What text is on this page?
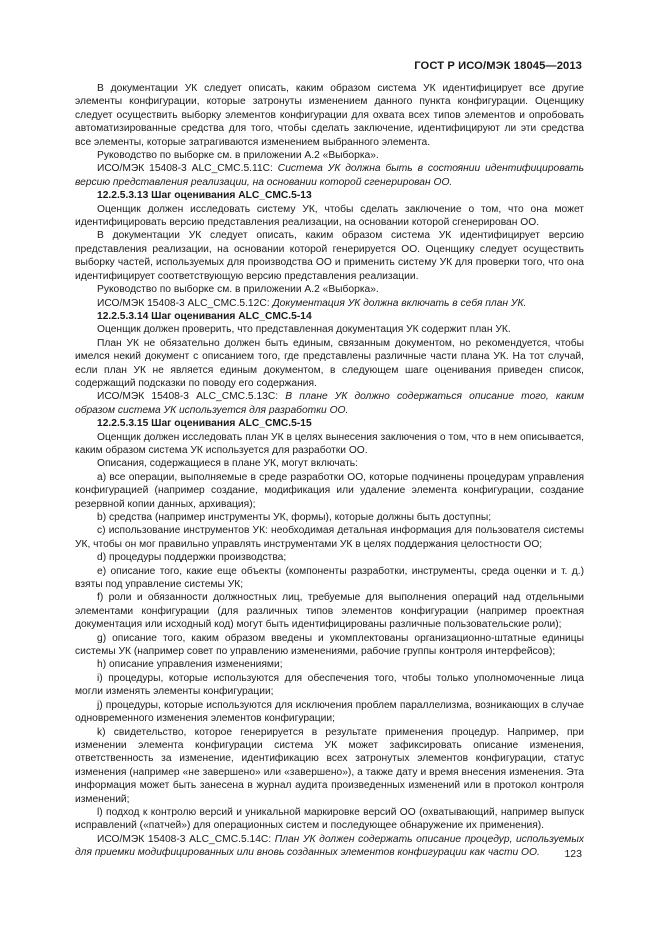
ГОСТ Р ИСО/МЭК 18045—2013

В документации УК следует описать, каким образом система УК идентифицирует все другие элементы конфигурации, которые затронуты изменением данного пункта конфигурации. Оценщику следует осуществить выборку элементов конфигурации для охвата всех типов элементов и опробовать автоматизированные средства для того, чтобы сделать заключение, идентифицируют ли эти средства все элементы, которые затрагиваются изменением выбранного элемента.

Руководство по выборке см. в приложении А.2 «Выборка».

ИСО/МЭК 15408-3 ALC_CMC.5.11С: Система УК должна быть в состоянии идентифицировать версию представления реализации, на основании которой сгенерирован ОО.

12.2.5.3.13 Шаг оценивания ALC_CMC.5-13

Оценщик должен исследовать систему УК, чтобы сделать заключение о том, что она может идентифицировать версию представления реализации, на основании которой сгенерирован ОО.

В документации УК следует описать, каким образом система УК идентифицирует версию представления реализации, на основании которой генерируется ОО. Оценщику следует осуществить выборку частей, используемых для производства ОО и применить систему УК для проверки того, что она идентифицирует соответствующую версию представления реализации.

Руководство по выборке см. в приложении А.2 «Выборка».

ИСО/МЭК 15408-3 ALC_CMC.5.12С: Документация УК должна включать в себя план УК.

12.2.5.3.14 Шаг оценивания ALC_CMC.5-14

Оценщик должен проверить, что представленная документация УК содержит план УК.

План УК не обязательно должен быть единым, связанным документом, но рекомендуется, чтобы имелся некий документ с описанием того, где представлены различные части плана УК. На тот случай, если план УК не является единым документом, в следующем шаге оценивания приведен список, содержащий подсказки по поводу его содержания.

ИСО/МЭК 15408-3 ALC_CMC.5.13С: В плане УК должно содержаться описание того, каким образом система УК используется для разработки ОО.

12.2.5.3.15 Шаг оценивания ALC_CMC.5-15

Оценщик должен исследовать план УК в целях вынесения заключения о том, что в нем описывается, каким образом система УК используется для разработки ОО.

Описания, содержащиеся в плане УК, могут включать:

a) все операции, выполняемые в среде разработки ОО, которые подчинены процедурам управления конфигурацией (например создание, модификация или удаление элемента конфигурации, создание резервной копии данных, архивация);

b) средства (например инструменты УК, формы), которые должны быть доступны;

c) использование инструментов УК: необходимая детальная информация для пользователя системы УК, чтобы он мог правильно управлять инструментами УК в целях поддержания целостности ОО;

d) процедуры поддержки производства;

e) описание того, какие еще объекты (компоненты разработки, инструменты, среда оценки и т. д.) взяты под управление системы УК;

f) роли и обязанности должностных лиц, требуемые для выполнения операций над отдельными элементами конфигурации (для различных типов элементов конфигурации (например проектная документация или исходный код) могут быть идентифицированы различные пользовательские роли);

g) описание того, каким образом введены и укомплектованы организационно-штатные единицы системы УК (например совет по управлению изменениями, рабочие группы контроля интерфейсов);

h) описание управления изменениями;

i) процедуры, которые используются для обеспечения того, чтобы только уполномоченные лица могли изменять элементы конфигурации;

j) процедуры, которые используются для исключения проблем параллелизма, возникающих в случае одновременного изменения элементов конфигурации;

k) свидетельство, которое генерируется в результате применения процедур. Например, при изменении элемента конфигурации система УК может зафиксировать описание изменения, ответственность за изменение, идентификацию всех затронутых элементов конфигурации, статус изменения (например «не завершено» или «завершено»), а также дату и время внесения изменения. Эта информация может быть занесена в журнал аудита произведенных изменений или в протокол контроля изменений;

l) подход к контролю версий и уникальной маркировке версий ОО (охватывающий, например выпуск исправлений («патчей») для операционных систем и последующее обнаружение их применения).

ИСО/МЭК 15408-3 ALC_CMC.5.14С: План УК должен содержать описание процедур, используемых для приемки модифицированных или вновь созданных элементов конфигурации как части ОО.	123
